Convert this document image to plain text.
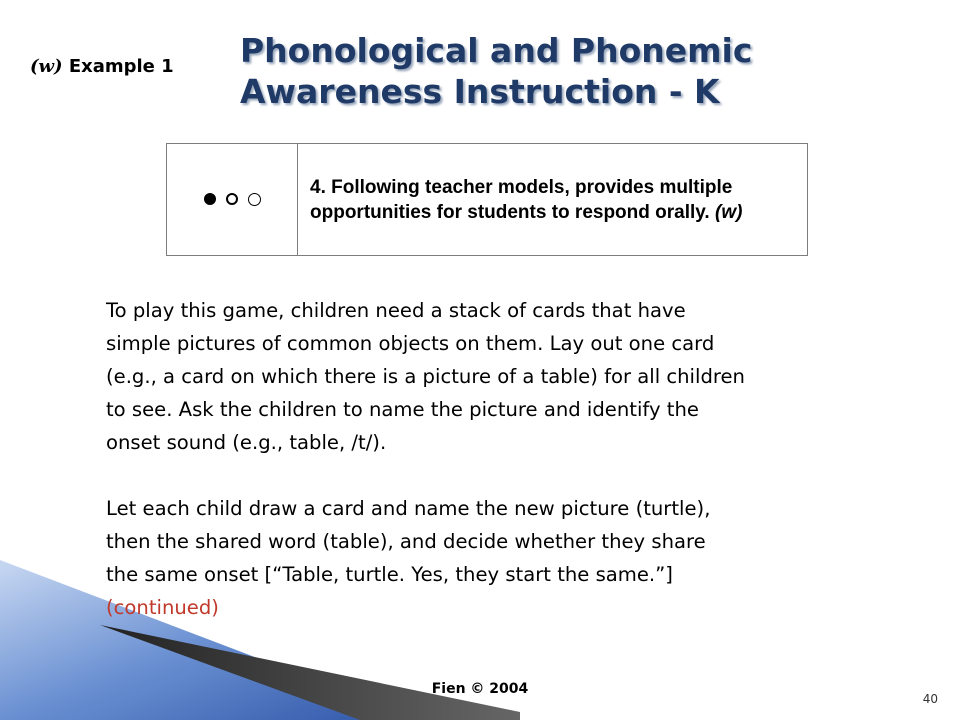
(w) Example 1 Phonological and Phonemic
Awareness Instruction - K
	4. Following teacher models, provides multiple opportunities for students to respond orally. (w)

To play this game, children need a stack of cards that have
simple pictures of common objects on them. Lay out one card
(e.g., a card on which there is a picture of a table) for all children
to see. Ask the children to name the picture and identify the
onset sound (e.g., table, /t/).

Let each child draw a card and name the new picture (turtle),
then the shared word (table), and decide whether they share
the same onset [“Table, turtle. Yes, they start the same.”]
(continued)

Fien © 2004
40
